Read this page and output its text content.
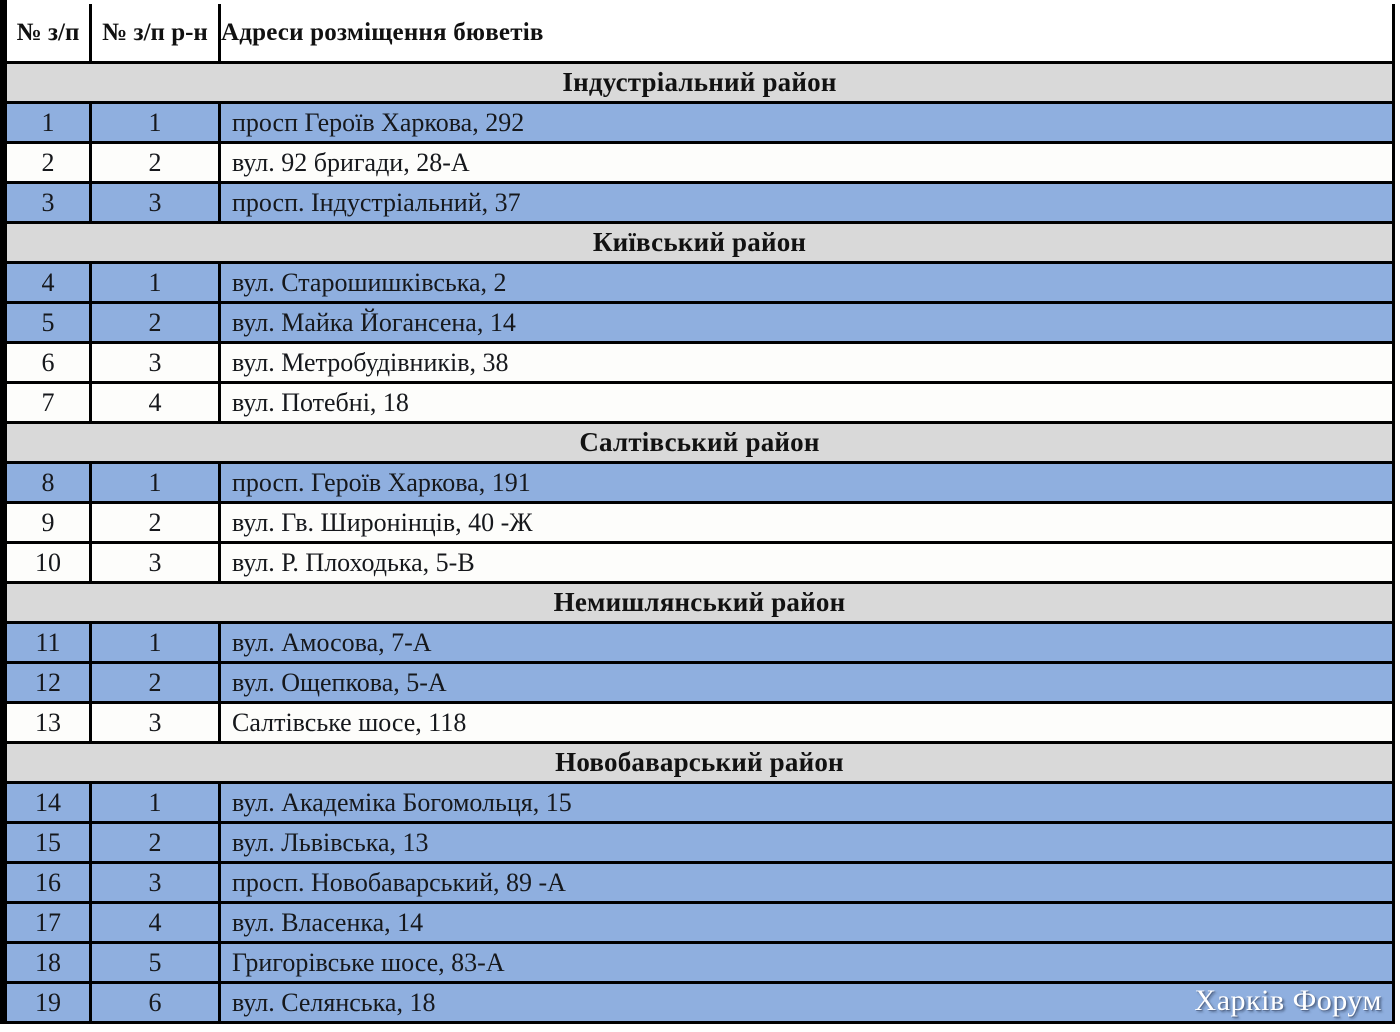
№ з/п	№ з/п р-н	Адреси розміщення бюветів
Індустріальний район		
1	1	просп Героїв Харкова, 292
2	2	вул. 92 бригади, 28-А
3	3	просп. Індустріальний, 37
Київський район		
4	1	вул. Старошишківська, 2
5	2	вул. Майка Йогансена, 14
6	3	вул. Метробудівників, 38
7	4	вул. Потебні, 18
Салтівський район		
8	1	просп. Героїв Харкова, 191
9	2	вул. Гв. Широнінців, 40 -Ж
10	3	вул. Р. Плоходька, 5-В
Немишлянський район		
11	1	вул. Амосова, 7-А
12	2	вул. Ощепкова, 5-А
13	3	Салтівське шосе, 118
Новобаварський район		
14	1	вул. Академіка Богомольця, 15
15	2	вул. Львівська, 13
16	3	просп. Новобаварський, 89 -А
17	4	вул. Власенка, 14
18	5	Григорівське шосе, 83-А
19	6	вул. Селянська, 18	Харків Форум
